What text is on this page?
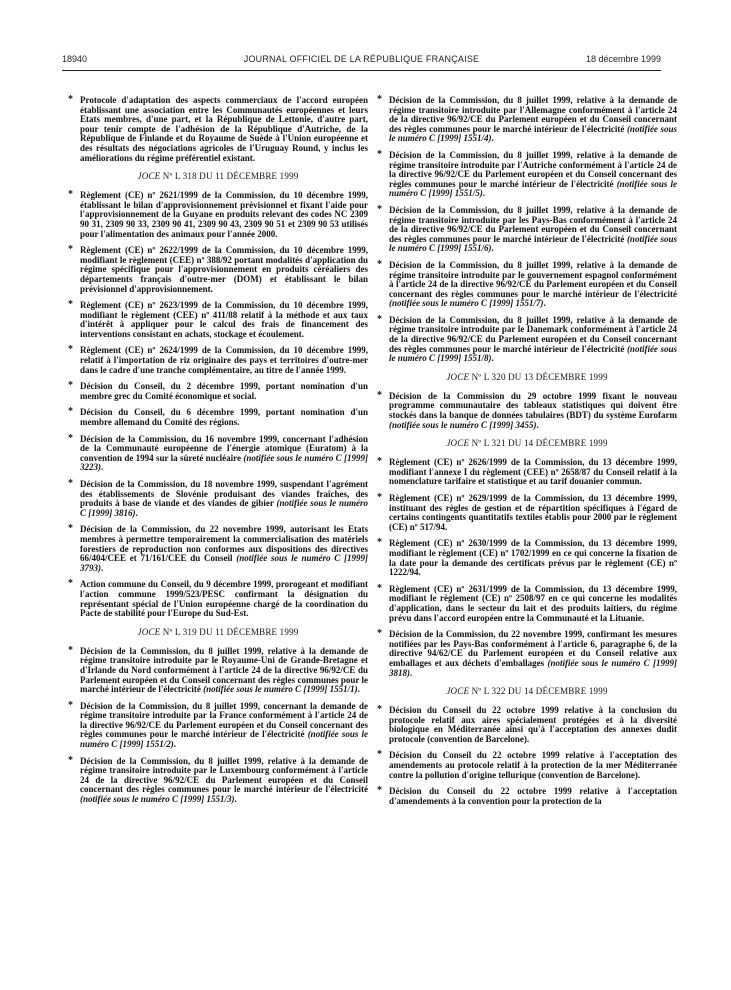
18940	JOURNAL OFFICIEL DE LA RÉPUBLIQUE FRANÇAISE	18 décembre 1999
* Protocole d'adaptation des aspects commerciaux de l'accord européen établissant une association entre les Communautés européennes et leurs Etats membres, d'une part, et la République de Lettonie, d'autre part, pour tenir compte de l'adhésion de la République d'Autriche, de la République de Finlande et du Royaume de Suède à l'Union européenne et des résultats des négociations agricoles de l'Uruguay Round, y inclus les améliorations du régime préférentiel existant.
JOCE Nº L 318 DU 11 DÉCEMBRE 1999
* Règlement (CE) nº 2621/1999 de la Commission, du 10 décembre 1999, établissant le bilan d'approvisionnement prévisionnel et fixant l'aide pour l'approvisionnement de la Guyane en produits relevant des codes NC 2309 90 31, 2309 90 33, 2309 90 41, 2309 90 43, 2309 90 51 et 2309 90 53 utilisés pour l'alimentation des animaux pour l'année 2000.
* Règlement (CE) nº 2622/1999 de la Commission, du 10 décembre 1999, modifiant le règlement (CEE) nº 388/92 portant modalités d'application du régime spécifique pour l'approvisionnement en produits céréaliers des départements français d'outre-mer (DOM) et établissant le bilan prévisionnel d'approvisionnement.
* Règlement (CE) nº 2623/1999 de la Commission, du 10 décembre 1999, modifiant le règlement (CEE) nº 411/88 relatif à la méthode et aux taux d'intérêt à appliquer pour le calcul des frais de financement des interventions consistant en achats, stockage et écoulement.
* Règlement (CE) nº 2624/1999 de la Commission, du 10 décembre 1999, relatif à l'importation de riz originaire des pays et territoires d'outre-mer dans le cadre d'une tranche complémentaire, au titre de l'année 1999.
* Décision du Conseil, du 2 décembre 1999, portant nomination d'un membre grec du Comité économique et social.
* Décision du Conseil, du 6 décembre 1999, portant nomination d'un membre allemand du Comité des régions.
* Décision de la Commission, du 16 novembre 1999, concernant l'adhésion de la Communauté européenne de l'énergie atomique (Euratom) à la convention de 1994 sur la sûreté nucléaire (notifiée sous le numéro C [1999] 3223).
* Décision de la Commission, du 18 novembre 1999, suspendant l'agrément des établissements de Slovénie produisant des viandes fraîches, des produits à base de viande et des viandes de gibier (notifiée sous le numéro C [1999] 3816).
* Décision de la Commission, du 22 novembre 1999, autorisant les Etats membres à permettre temporairement la commercialisation des matériels forestiers de reproduction non conformes aux dispositions des directives 66/404/CEE et 71/161/CEE du Conseil (notifiée sous le numéro C [1999] 3793).
* Action commune du Conseil, du 9 décembre 1999, prorogeant et modifiant l'action commune 1999/523/PESC confirmant la désignation du représentant spécial de l'Union européenne chargé de la coordination du Pacte de stabilité pour l'Europe du Sud-Est.
JOCE Nº L 319 DU 11 DÉCEMBRE 1999
* Décision de la Commission, du 8 juillet 1999, relative à la demande de régime transitoire introduite par le Royaume-Uni de Grande-Bretagne et d'Irlande du Nord conformément à l'article 24 de la directive 96/92/CE du Parlement européen et du Conseil concernant des règles communes pour le marché intérieur de l'électricité (notifiée sous le numéro C [1999] 1551/1).
* Décision de la Commission, du 8 juillet 1999, concernant la demande de régime transitoire introduite par la France conformément à l'article 24 de la directive 96/92/CE du Parlement européen et du Conseil concernant des règles communes pour le marché intérieur de l'électricité (notifiée sous le numéro C [1999] 1551/2).
* Décision de la Commission, du 8 juillet 1999, relative à la demande de régime transitoire introduite par le Luxembourg conformément à l'article 24 de la directive 96/92/CE du Parlement européen et du Conseil concernant des règles communes pour le marché intérieur de l'électricité (notifiée sous le numéro C [1999] 1551/3).
* Décision de la Commission, du 8 juillet 1999, relative à la demande de régime transitoire introduite par l'Allemagne conformément à l'article 24 de la directive 96/92/CE du Parlement européen et du Conseil concernant des règles communes pour le marché intérieur de l'électricité (notifiée sous le numéro C [1999] 1551/4).
* Décision de la Commission, du 8 juillet 1999, relative à la demande de régime transitoire introduite par l'Autriche conformément à l'article 24 de la directive 96/92/CE du Parlement européen et du Conseil concernant des règles communes pour le marché intérieur de l'électricité (notifiée sous le numéro C [1999] 1551/5).
* Décision de la Commission, du 8 juillet 1999, relative à la demande de régime transitoire introduite par les Pays-Bas conformément à l'article 24 de la directive 96/92/CE du Parlement européen et du Conseil concernant des règles communes pour le marché intérieur de l'électricité (notifiée sous le numéro C [1999] 1551/6).
* Décision de la Commission, du 8 juillet 1999, relative à la demande de régime transitoire introduite par le gouvernement espagnol conformément à l'article 24 de la directive 96/92/CE du Parlement européen et du Conseil concernant des règles communes pour le marché intérieur de l'électricité (notifiée sous le numéro C [1999] 1551/7).
* Décision de la Commission, du 8 juillet 1999, relative à la demande de régime transitoire introduite par le Danemark conformément à l'article 24 de la directive 96/92/CE du Parlement européen et du Conseil concernant des règles communes pour le marché intérieur de l'électricité (notifiée sous le numéro C [1999] 1551/8).
JOCE Nº L 320 DU 13 DÉCEMBRE 1999
* Décision de la Commission du 29 octobre 1999 fixant le nouveau programme communautaire des tableaux statistiques qui doivent être stockés dans la banque de données tabulaires (BDT) du système Eurofarm (notifiée sous le numéro C [1999] 3455).
JOCE Nº L 321 DU 14 DÉCEMBRE 1999
* Règlement (CE) nº 2626/1999 de la Commission, du 13 décembre 1999, modifiant l'annexe I du règlement (CEE) nº 2658/87 du Conseil relatif à la nomenclature tarifaire et statistique et au tarif douanier commun.
* Règlement (CE) nº 2629/1999 de la Commission, du 13 décembre 1999, instituant des règles de gestion et de répartition spécifiques à l'égard de certains contingents quantitatifs textiles établis pour 2000 par le règlement (CE) nº 517/94.
* Règlement (CE) nº 2630/1999 de la Commission, du 13 décembre 1999, modifiant le règlement (CE) nº 1702/1999 en ce qui concerne la fixation de la date pour la demande des certificats prévus par le règlement (CE) nº 1222/94.
* Règlement (CE) nº 2631/1999 de la Commission, du 13 décembre 1999, modifiant le règlement (CE) nº 2508/97 en ce qui concerne les modalités d'application, dans le secteur du lait et des produits laitiers, du régime prévu dans l'accord européen entre la Communauté et la Lituanie.
* Décision de la Commission, du 22 novembre 1999, confirmant les mesures notifiées par les Pays-Bas conformément à l'article 6, paragraphe 6, de la directive 94/62/CE du Parlement européen et du Conseil relative aux emballages et aux déchets d'emballages (notifiée sous le numéro C [1999] 3818).
JOCE Nº L 322 DU 14 DÉCEMBRE 1999
* Décision du Conseil du 22 octobre 1999 relative à la conclusion du protocole relatif aux aires spécialement protégées et à la diversité biologique en Méditerranée ainsi qu'à l'acceptation des annexes dudit protocole (convention de Barcelone).
* Décision du Conseil du 22 octobre 1999 relative à l'acceptation des amendements au protocole relatif à la protection de la mer Méditerranée contre la pollution d'origine tellurique (convention de Barcelone).
* Décision du Conseil du 22 octobre 1999 relative à l'acceptation d'amendements à la convention pour la protection de la
